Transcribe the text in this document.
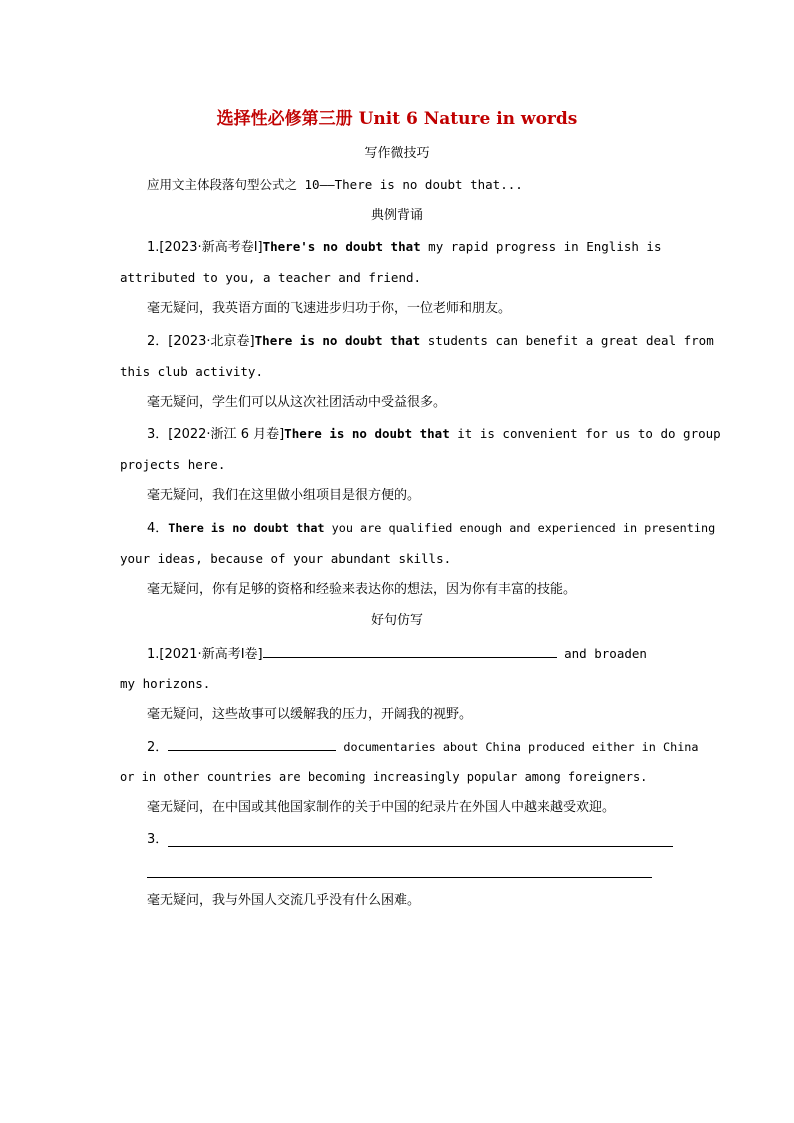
选择性必修第三册 Unit 6 Nature in words
写作微技巧
应用文主体段落句型公式之 10——There is no doubt that...
典例背诵
1.[2023·新高考卷Ⅰ]There's no doubt that my rapid progress in English is
attributed to you, a teacher and friend.
毫无疑问，我英语方面的飞速进步归功于你，一位老师和朋友。
2．[2023·北京卷]There is no doubt that students can benefit a great deal from
this club activity.
毫无疑问，学生们可以从这次社团活动中受益很多。
3．[2022·浙江 6 月卷]There is no doubt that it is convenient for us to do group
projects here.
毫无疑问，我们在这里做小组项目是很方便的。
4．There is no doubt that you are qualified enough and experienced in presenting
your ideas, because of your abundant skills.
毫无疑问，你有足够的资格和经验来表达你的想法，因为你有丰富的技能。
好句仿写
1.[2021·新高考Ⅰ卷]	and broaden
my horizons.
毫无疑问，这些故事可以缓解我的压力，开阔我的视野。
2．	documentaries about China produced either in China
or in other countries are becoming increasingly popular among foreigners.
毫无疑问，在中国或其他国家制作的关于中国的纪录片在外国人中越来越受欢迎。
3．
毫无疑问，我与外国人交流几乎没有什么困难。
